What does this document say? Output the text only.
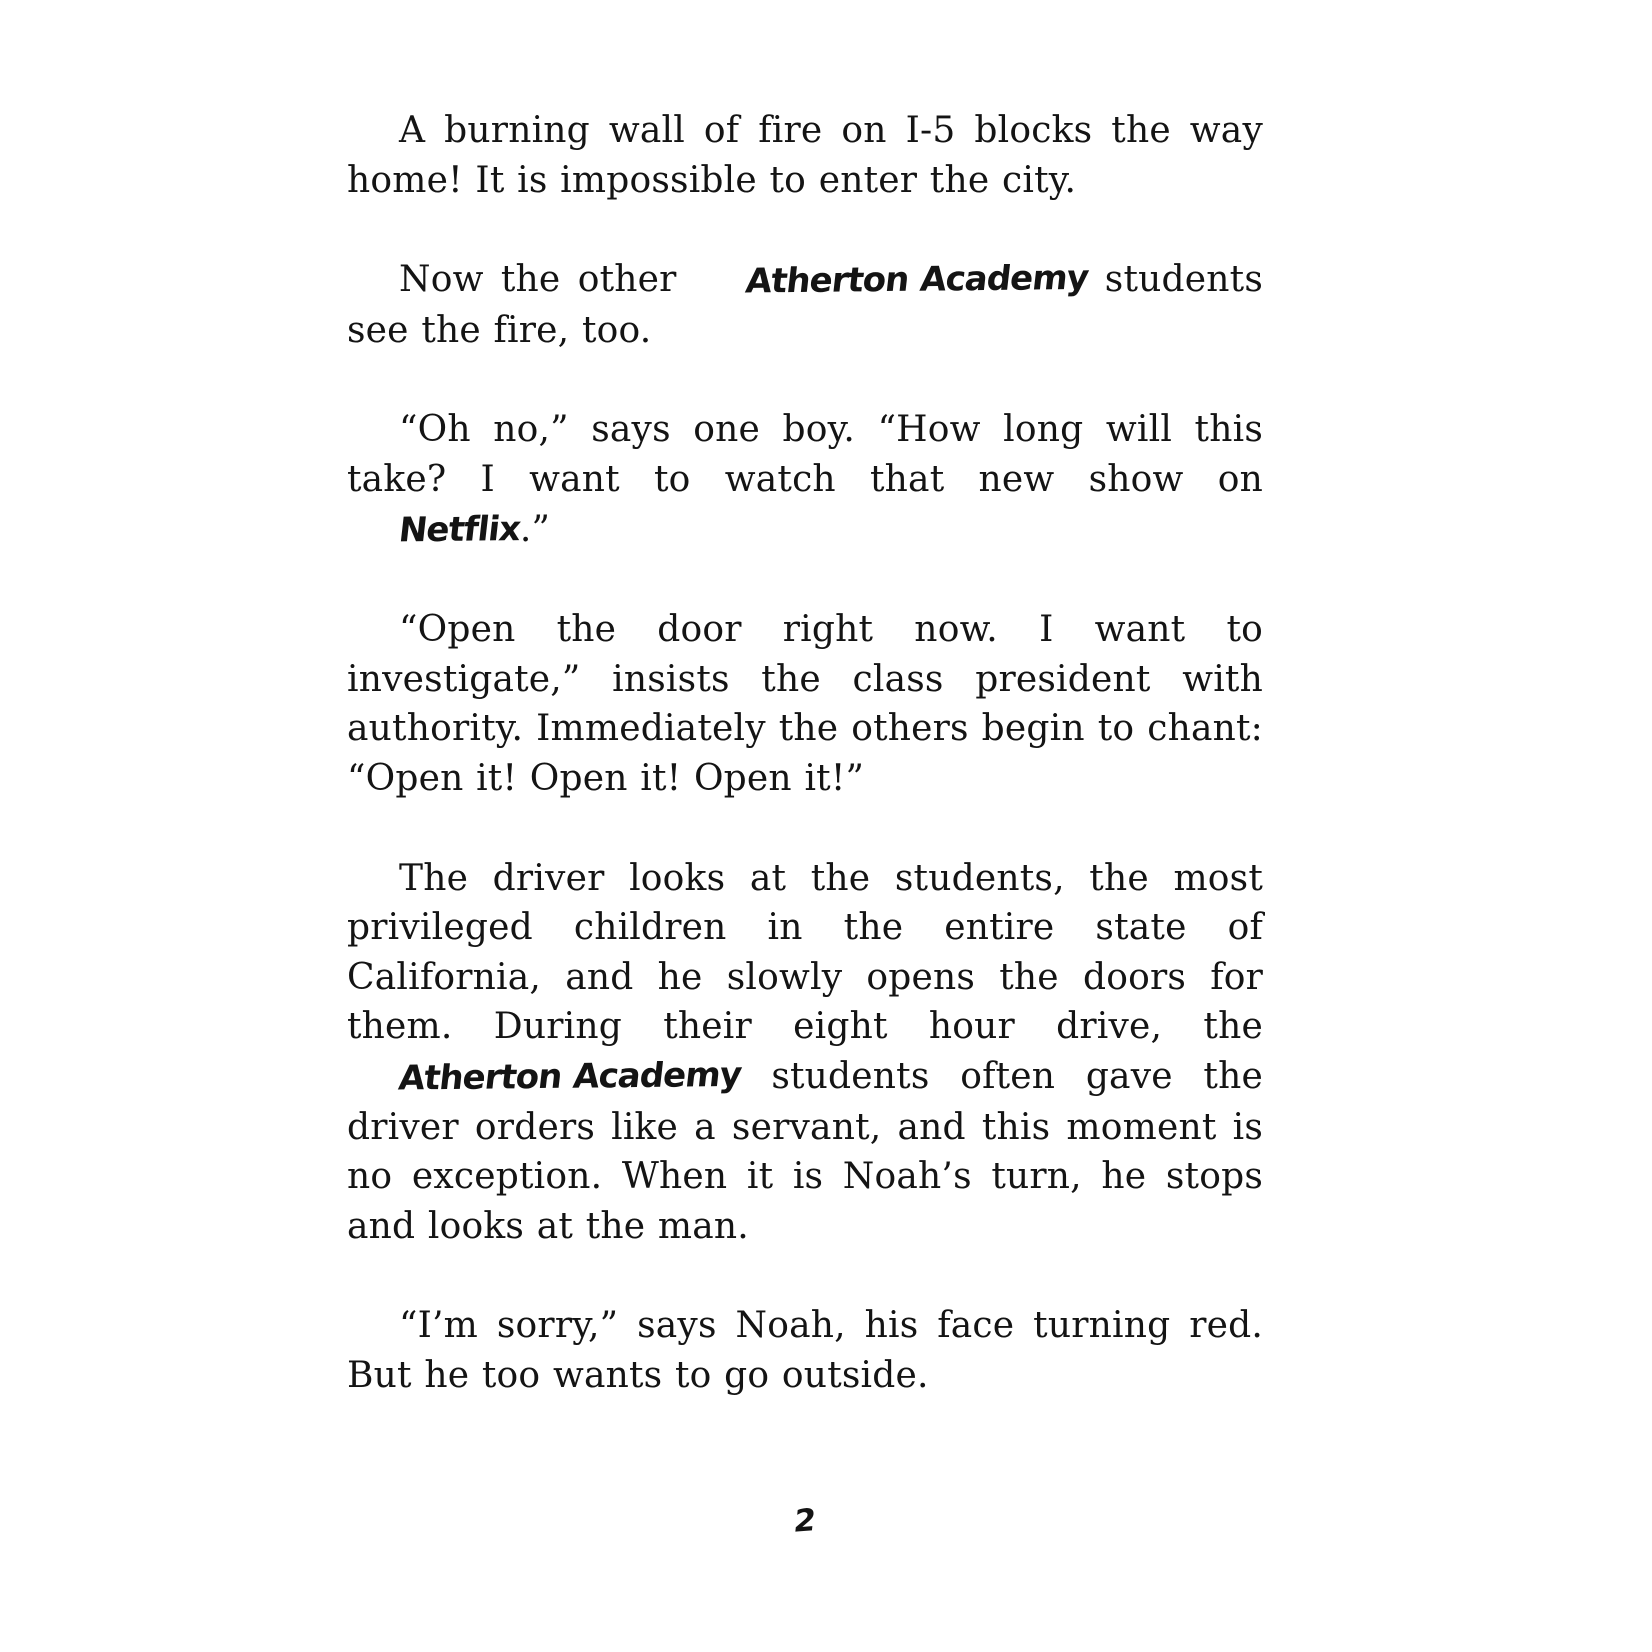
A burning wall of fire on I-5 blocks the way home! It is impossible to enter the city.

Now the other Atherton Academy students see the fire, too.

“Oh no,” says one boy. “How long will this take? I want to watch that new show on Netflix.”

“Open the door right now. I want to investigate,” insists the class president with authority. Immediately the others begin to chant: “Open it! Open it! Open it!”

The driver looks at the students, the most privileged children in the entire state of California, and he slowly opens the doors for them. During their eight hour drive, the Atherton Academy students often gave the driver orders like a servant, and this moment is no exception. When it is Noah’s turn, he stops and looks at the man.

“I’m sorry,” says Noah, his face turning red. But he too wants to go outside.

2
